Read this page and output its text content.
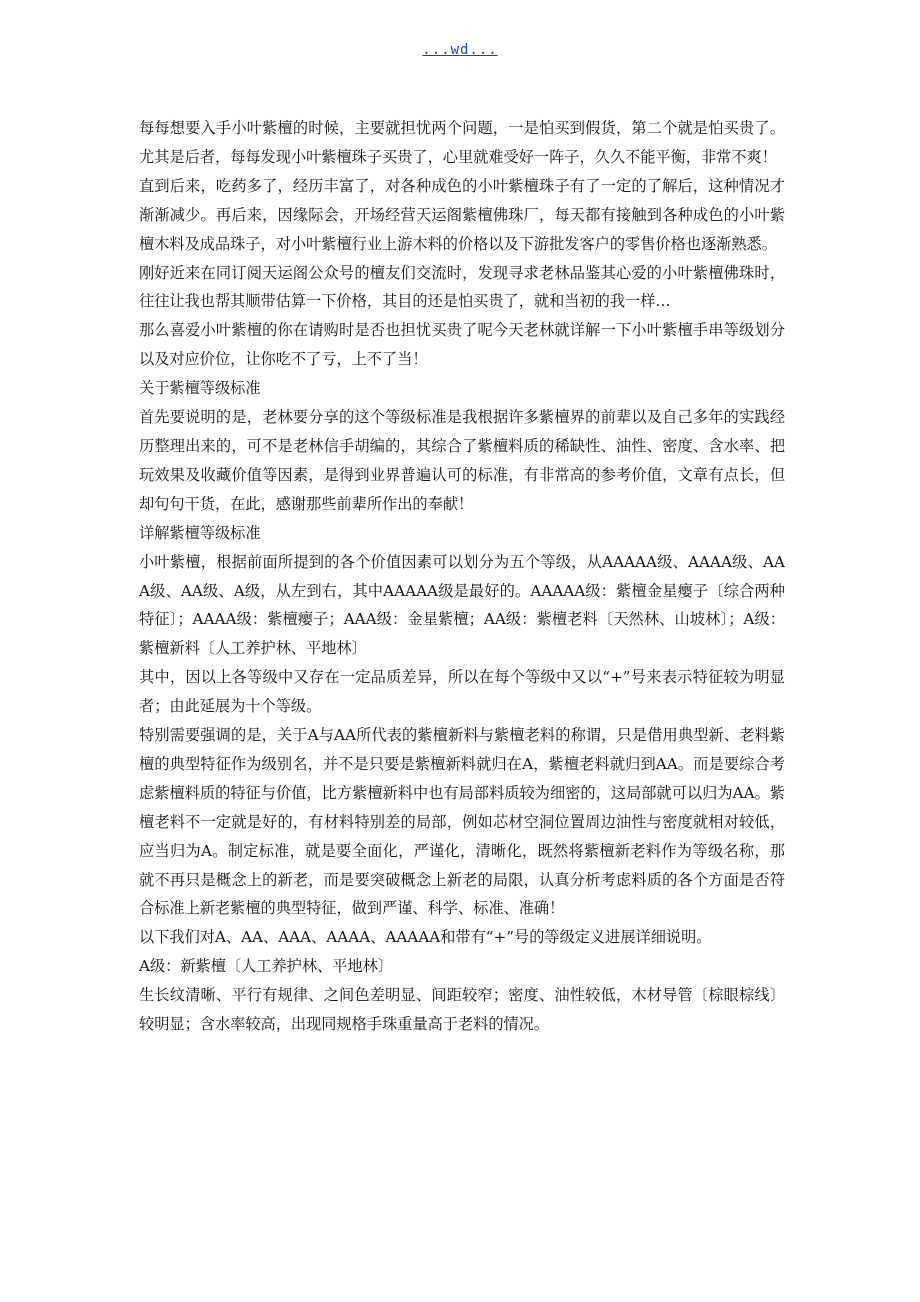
...wd...

每每想要入手小叶紫檀的时候，主要就担忧两个问题，一是怕买到假货，第二个就是怕买贵了。尤其是后者，每每发现小叶紫檀珠子买贵了，心里就难受好一阵子，久久不能平衡，非常不爽！

直到后来，吃药多了，经历丰富了，对各种成色的小叶紫檀珠子有了一定的了解后，这种情况才渐渐减少。再后来，因缘际会，开场经营天运阁紫檀佛珠厂，每天都有接触到各种成色的小叶紫檀木料及成品珠子，对小叶紫檀行业上游木料的价格以及下游批发客户的零售价格也逐渐熟悉。

刚好近来在同订阅天运阁公众号的檀友们交流时，发现寻求老林品鉴其心爱的小叶紫檀佛珠时，往往让我也帮其顺带估算一下价格，其目的还是怕买贵了，就和当初的我一样…

那么喜爱小叶紫檀的你在请购时是否也担忧买贵了呢今天老林就详解一下小叶紫檀手串等级划分以及对应价位，让你吃不了亏，上不了当！

关于紫檀等级标准

首先要说明的是，老林要分享的这个等级标准是我根据许多紫檀界的前辈以及自己多年的实践经历整理出来的，可不是老林信手胡编的，其综合了紫檀料质的稀缺性、油性、密度、含水率、把玩效果及收藏价值等因素，是得到业界普遍认可的标准，有非常高的参考价值，文章有点长，但却句句干货，在此，感谢那些前辈所作出的奉献！

详解紫檀等级标准

小叶紫檀，根据前面所提到的各个价值因素可以划分为五个等级，从AAAAA级、AAAA级、AAA级、AA级、A级，从左到右，其中AAAAA级是最好的。AAAAA级：紫檀金星瘿子〔综合两种特征〕；AAAA级：紫檀瘿子；AAA级：金星紫檀；AA级：紫檀老料〔天然林、山坡林〕；A级：紫檀新料〔人工养护林、平地林〕

其中，因以上各等级中又存在一定品质差异，所以在每个等级中又以“+”号来表示特征较为明显者；由此延展为十个等级。

特别需要强调的是，关于A与AA所代表的紫檀新料与紫檀老料的称谓，只是借用典型新、老料紫檀的典型特征作为级别名，并不是只要是紫檀新料就归在A，紫檀老料就归到AA。而是要综合考虑紫檀料质的特征与价值，比方紫檀新料中也有局部料质较为细密的，这局部就可以归为AA。紫檀老料不一定就是好的，有材料特别差的局部，例如芯材空洞位置周边油性与密度就相对较低，应当归为A。制定标准，就是要全面化，严谨化，清晰化，既然将紫檀新老料作为等级名称，那就不再只是概念上的新老，而是要突破概念上新老的局限，认真分析考虑料质的各个方面是否符合标准上新老紫檀的典型特征，做到严谨、科学、标准、准确！

以下我们对A、AA、AAA、AAAA、AAAAA和带有“+”号的等级定义进展详细说明。

A级：新紫檀〔人工养护林、平地林〕

生长纹清晰、平行有规律、之间色差明显、间距较窄；密度、油性较低，木材导管〔棕眼棕线〕较明显；含水率较高，出现同规格手珠重量高于老料的情况。
